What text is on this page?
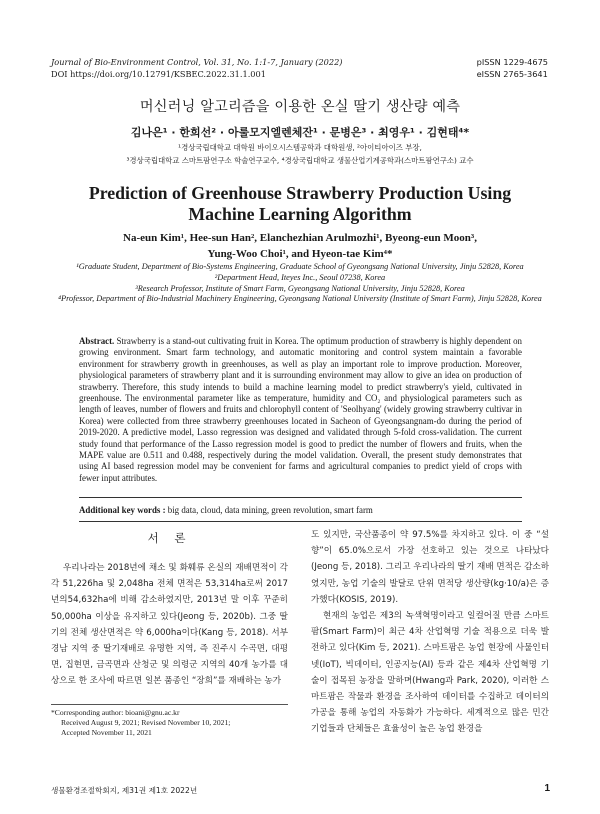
Journal of Bio-Environment Control, Vol. 31, No. 1:1-7, January (2022)
DOI https://doi.org/10.12791/KSBEC.2022.31.1.001
pISSN 1229-4675
eISSN 2765-3641
머신러닝 알고리즘을 이용한 온실 딸기 생산량 예측
김나은¹ · 한희선² · 아룰모지엘렌체잔¹ · 문병은³ · 최영우¹ · 김현태⁴*
¹경상국립대학교 대학원 바이오시스템공학과 대학원생, ²아이티아이즈 부장,
³경상국립대학교 스마트팜연구소 학술연구교수, ⁴경상국립대학교 생물산업기계공학과(스마트팜연구소) 교수
Prediction of Greenhouse Strawberry Production Using Machine Learning Algorithm
Na-eun Kim¹, Hee-sun Han², Elanchezhian Arulmozhi¹, Byeong-eun Moon³,
Yung-Woo Choi¹, and Hyeon-tae Kim⁴*
¹Graduate Student, Department of Bio-Systems Engineering, Graduate School of Gyeongsang National University, Jinju 52828, Korea
²Department Head, Iteyes Inc., Seoul 07238, Korea
³Research Professor, Institute of Smart Farm, Gyeongsang National University, Jinju 52828, Korea
⁴Professor, Department of Bio-Industrial Machinery Engineering, Gyeongsang National University (Institute of Smart Farm), Jinju 52828, Korea
Abstract. Strawberry is a stand-out cultivating fruit in Korea. The optimum production of strawberry is highly dependent on growing environment. Smart farm technology, and automatic monitoring and control system maintain a favorable environment for strawberry growth in greenhouses, as well as play an important role to improve production. Moreover, physiological parameters of strawberry plant and it is surrounding environment may allow to give an idea on production of strawberry. Therefore, this study intends to build a machine learning model to predict strawberry's yield, cultivated in greenhouse. The environmental parameter like as temperature, humidity and CO₂ and physiological parameters such as length of leaves, number of flowers and fruits and chlorophyll content of 'Seolhyang' (widely growing strawberry cultivar in Korea) were collected from three strawberry greenhouses located in Sacheon of Gyeongsangnam-do during the period of 2019-2020. A predictive model, Lasso regression was designed and validated through 5-fold cross-validation. The current study found that performance of the Lasso regression model is good to predict the number of flowers and fruits, when the MAPE value are 0.511 and 0.488, respectively during the model validation. Overall, the present study demonstrates that using AI based regression model may be convenient for farms and agricultural companies to predict yield of crops with fewer input attributes.
Additional key words : big data, cloud, data mining, green revolution, smart farm
서 론

우리나라는 2018년에 채소 및 화훼류 온실의 재배면적이 각각 51,226ha 및 2,048ha 전체 면적은 53,314ha로써 2017년의54,632ha에 비해 감소하였지만, 2013년 말 이후 꾸준히 50,000ha 이상을 유지하고 있다(Jeong 등, 2020b). 그중 딸기의 전체 생산면적은 약 6,000ha이다(Kang 등, 2018). 서부 경남 지역 중 딸기재배로 유명한 지역, 즉 진주시 수곡면, 대평면, 집현면, 금곡면과 산청군 및 의령군 지역의 40개 농가를 대상으로 한 조사에 따르면 일본 품종인 “장희”를 재배하는 농가

도 있지만, 국산품종이 약 97.5%를 차지하고 있다. 이 중 “설향”이 65.0%으로서 가장 선호하고 있는 것으로 나타났다(Jeong 등, 2018). 그리고 우리나라의 딸기 재배 면적은 감소하였지만, 농업 기술의 발달로 단위 면적당 생산량(kg·10/a)은 증가했다(KOSIS, 2019).

현재의 농업은 제3의 녹색혁명이라고 일컬어질 만큼 스마트팜(Smart Farm)이 최근 4차 산업혁명 기술 적용으로 더욱 발전하고 있다(Kim 등, 2021). 스마트팜은 농업 현장에 사물인터넷(IoT), 빅데이터, 인공지능(AI) 등과 같은 제4차 산업혁명 기술이 접목된 농장을 말하며(Hwang과 Park, 2020), 이러한 스마트팜은 작물과 환경을 조사하여 데이터를 수집하고 데이터의 가공을 통해 농업의 자동화가 가능하다. 세계적으로 많은 민간 기업들과 단체들은 효율성이 높은 농업 환경을

*Corresponding author: bioani@gnu.ac.kr
Received August 9, 2021; Revised November 10, 2021;
Accepted November 11, 2021
생물환경조절학회지, 제31권 제1호 2022년	1
